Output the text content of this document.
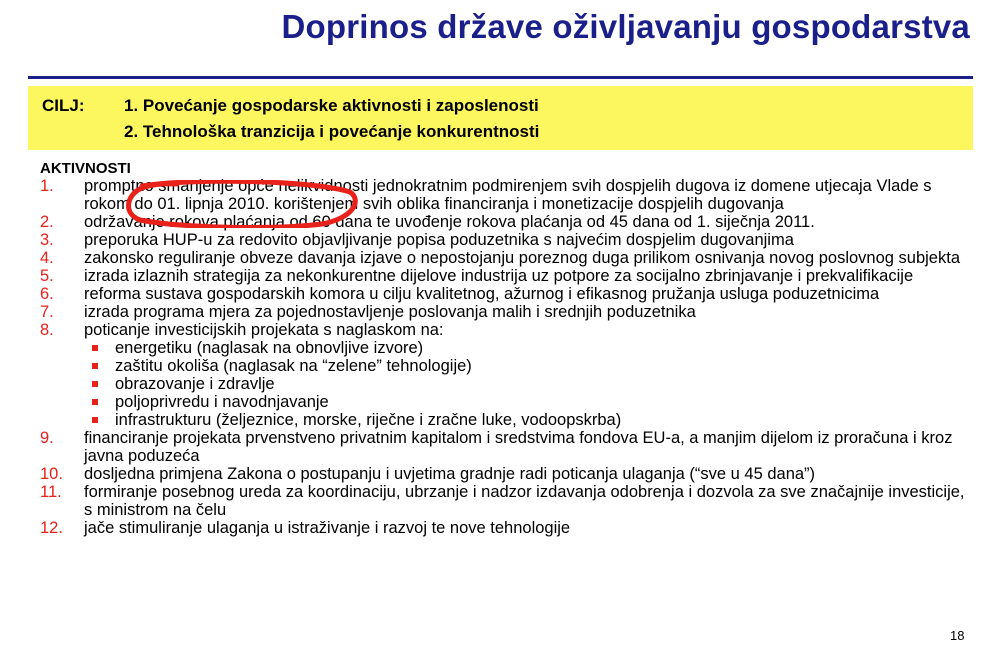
Doprinos države oživljavanju gospodarstva
CILJ: 1. Povećanje gospodarske aktivnosti i zaposlenosti
2. Tehnološka tranzicija i povećanje konkurentnosti
AKTIVNOSTI
1.	promptno smanjenje opće nelikvidnosti jednokratnim podmirenjem svih dospjelih dugova iz domene utjecaja Vlade s rokom do 01. lipnja 2010. korištenjem svih oblika financiranja i monetizacije dospjelih dugovanja
2.	održavanje rokova plaćanja od 60 dana te uvođenje rokova plaćanja od 45 dana od 1. siječnja 2011.
3.	preporuka HUP-u za redovito objavljivanje popisa poduzetnika s najvećim dospjelim dugovanjima
4.	zakonsko reguliranje obveze davanja izjave o nepostojanju poreznog duga prilikom osnivanja novog poslovnog subjekta
5.	izrada izlaznih strategija za nekonkurentne dijelove industrija uz potpore za socijalno zbrinjavanje i prekvalifikacije
6.	reforma sustava gospodarskih komora u cilju kvalitetnog, ažurnog i efikasnog pružanja usluga poduzetnicima
7.	izrada programa mjera za pojednostavljenje poslovanja malih i srednjih poduzetnika
8.	poticanje investicijskih projekata s naglaskom na:
energetiku (naglasak na obnovljive izvore)
zaštitu okoliša (naglasak na “zelene” tehnologije)
obrazovanje i zdravlje
poljoprivredu i navodnjavanje
infrastrukturu (željeznice, morske, riječne i zračne luke, vodoopskrba)
9.	financiranje projekata prvenstveno privatnim kapitalom i sredstvima fondova EU-a, a manjim dijelom iz proračuna i kroz javna poduzeća
10.	dosljedna primjena Zakona o postupanju i uvjetima gradnje radi poticanja ulaganja (“sve u 45 dana”)
11.	formiranje posebnog ureda za koordinaciju, ubrzanje i nadzor izdavanja odobrenja i dozvola za sve značajnije investicije, s ministrom na čelu
12.	jače stimuliranje ulaganja u istraživanje i razvoj te nove tehnologije
18
